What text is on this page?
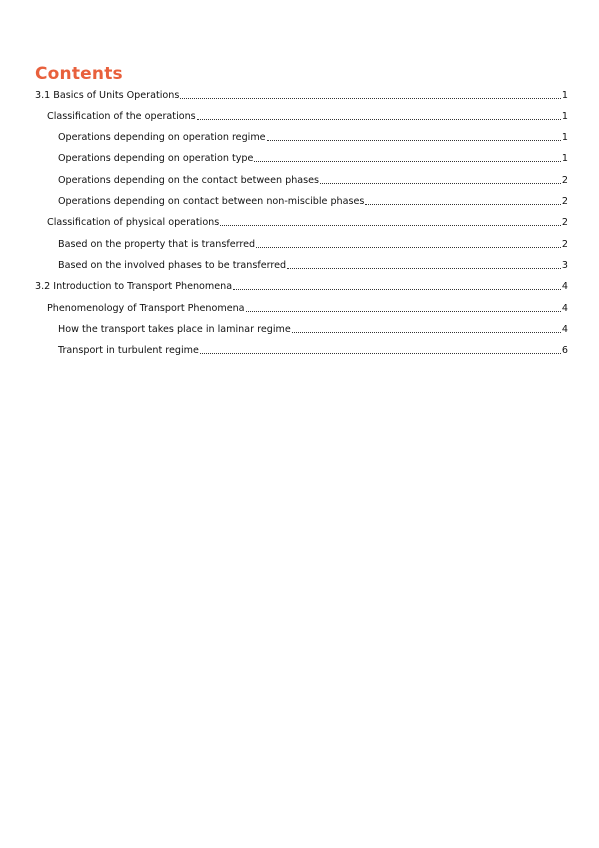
Contents
3.1 Basics of Units Operations	1
Classification of the operations	1
Operations depending on operation regime	1
Operations depending on operation type	1
Operations depending on the contact between phases	2
Operations depending on contact between non-miscible phases	2
Classification of physical operations	2
Based on the property that is transferred	2
Based on the involved phases to be transferred	3
3.2 Introduction to Transport Phenomena	4
Phenomenology of Transport Phenomena	4
How the transport takes place in laminar regime	4
Transport in turbulent regime	6
